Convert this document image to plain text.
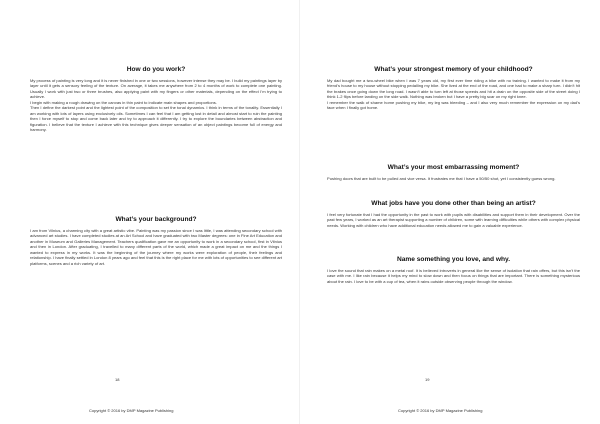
How do you work?

My process of painting is very long and it is never finished in one or two sessions, however intense they may be. I build my paintings layer by layer until it gets a sensory feeling of the texture. On average, it takes me anywhere from 2 to 4 months of work to complete one painting. Usually I work with just two or three brushes, also applying paint with my fingers or other materials, depending on the effect I’m trying to achieve.

I begin with making a rough drawing on the canvas in thin paint to indicate main shapes and proportions.

Then I define the darkest point and the lightest point of the composition to set the tonal dynamics. I think in terms of the tonality. Essentially I am working with lots of layers using exclusively oils. Sometimes I can feel that I am getting lost in detail and almost start to ruin the painting then I force myself to stop and come back later and try to approach it differently. I try to explore the boundaries between abstraction and figuration. I believe that the texture I achieve with this technique gives deeper sensation of an object paintings become full of energy and harmony.

What’s your background?

I am from Vilnius, a charming city with a great artistic vibe. Painting was my passion since I was little, I was attending secondary school with advanced art studies. I have completed studies at an Art School and have graduated with two Master degrees: one in Fine Art Education and another in Museum and Galleries Management. Teachers qualification gave me an opportunity to work in a secondary school, first in Vilnius and then in London. After graduating, I travelled to many different parts of the world, which made a great impact on me and the things I wanted to express in my works. It was the beginning of the journey where my works were exploration of people, their feelings and relationship. I have finally settled in London 8 years ago and feel that this is the right place for me with lots of opportunities to see different art platforms, scenes and a rich variety of art.

18
Copyright © 2016 by DMP Magazine Publishing
What’s your strongest memory of your childhood?

My dad bought me a two-wheel bike when I was 7 years old, my first ever time riding a bike with no training. I wanted to make it from my friend’s house to my house without stopping pedalling my bike. She lived at the end of the road, and one had to make a sharp turn. I didn’t hit the brakes once going down the long road. I wasn’t able to turn left at those speeds and hit a drain on the opposite side of the street doing I think 1-2 flips before landing on the side walk. Nothing was broken but I have a pretty big scar on my right knee.

I remember the walk of shame home pushing my bike, my leg was bleeding – and I also very much remember the expression on my dad’s face when I finally got home.

What’s your most embarrassing moment?

Pushing doors that are built to be pulled and vice versa. It frustrates me that I have a 50/50 shot, yet I consistently guess wrong.

What jobs have you done other than being an artist?

I feel very fortunate that I had the opportunity in the past to work with pupils with disabilities and support them in their development. Over the past few years, I worked as an art therapist supporting a number of children, some with learning difficulties while others with complex physical needs. Working with children who have additional education needs allowed me to gain a valuable experience.

Name something you love, and why.

I love the sound that rain makes on a metal roof. It is believed introverts in general like the sense of isolation that rain offers, but this isn’t the case with me. I like rain because it helps my mind to slow down and then focus on things that are important. There is something mysterious about the rain. I love to be with a cup of tea, when it rains outside observing people through the window.

19
Copyright © 2016 by DMP Magazine Publishing
